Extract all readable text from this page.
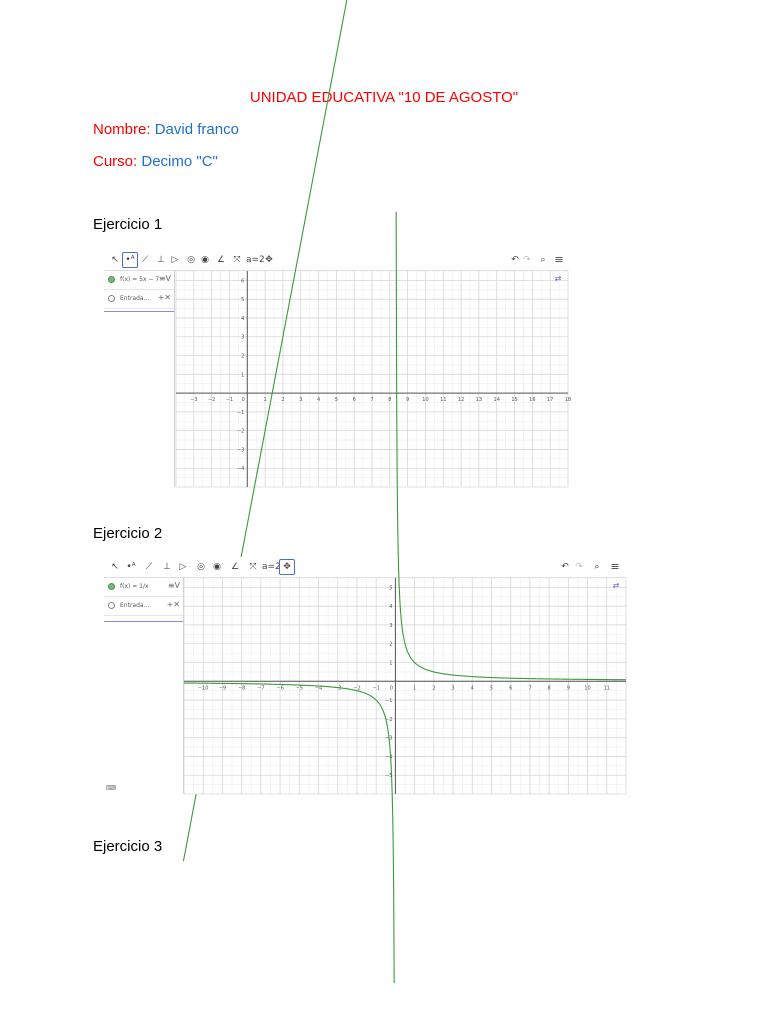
UNIDAD EDUCATIVA "10 DE AGOSTO"
Nombre: David franco
Curso: Decimo "C"
Ejercicio 1
Ejercicio 2
Ejercicio 3
↖ •ᴬ ⟋ ⊥ ▷ ◎ ◉ ∠ ⤧ a=2 ✥	↶ ↷	⌕ ≡
f(x) = 5x − 7 ≡V
Entrada... +✕
−3 −2 −1 0	1	2	3	4	5	6	7	8	9	10 11 12 13 14 15 16 17 18
−4
−3
−2
−1
1
2
3
4
5
6	⇄
↖ •ᴬ	⟋	⊥ ▷	◎ ◉	∠	⤧ a=2 ✥	↶ ↷	⌕ ≡
f(x) = 1/x ≡V
Entrada... +✕
⌨
−10 −9 −8 −7 −6 −5 −4 −3 −2 −1 0	1	2	3	4	5	6	7	8	9	10	11
−5
−4
−3
−2
−1
1
2
3
4
5	⇄
